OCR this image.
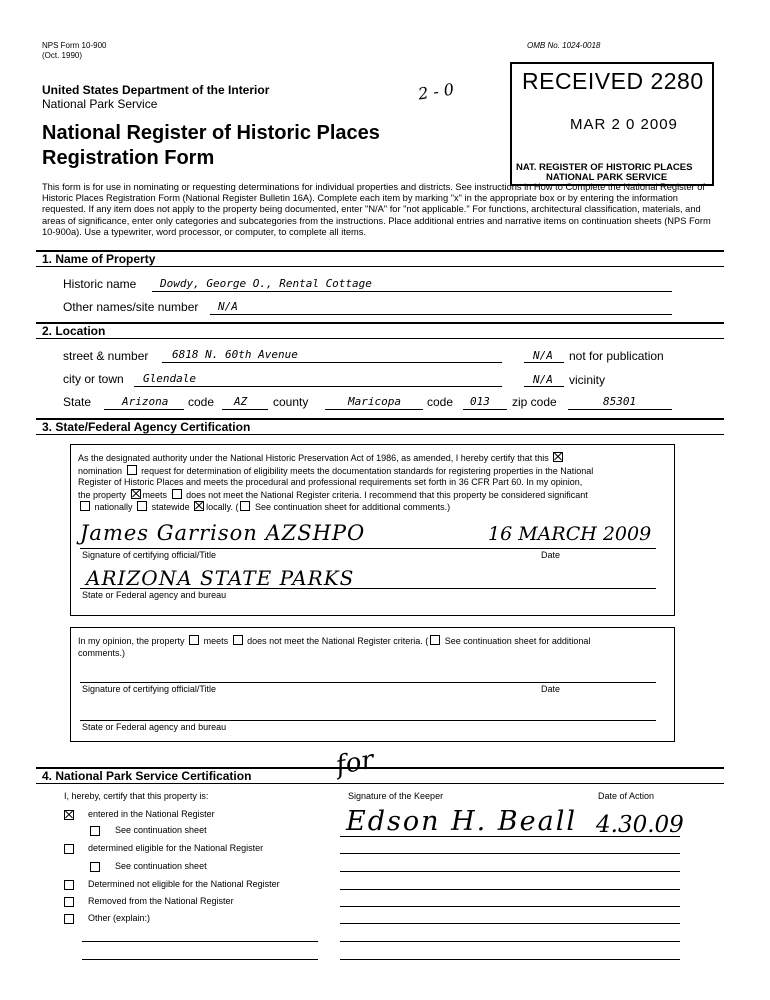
NPS Form 10-900
(Oct. 1990)
OMB No. 1024-0018
2 - 0
United States Department of the Interior
National Park Service
National Register of Historic Places
Registration Form
RECEIVED 2280
MAR 2 0 2009
NAT. REGISTER OF HISTORIC PLACES
NATIONAL PARK SERVICE
This form is for use in nominating or requesting determinations for individual properties and districts. See instructions in How to Complete the National Register of Historic Places Registration Form (National Register Bulletin 16A). Complete each item by marking "x" in the appropriate box or by entering the information requested. If any item does not apply to the property being documented, enter "N/A" for "not applicable." For functions, architectural classification, materials, and areas of significance, enter only categories and subcategories from the instructions. Place additional entries and narrative items on continuation sheets (NPS Form 10-900a). Use a typewriter, word processor, or computer, to complete all items.
1. Name of Property
Historic name Dowdy, George O., Rental Cottage
Other names/site number N/A
2. Location
street & number 6818 N. 60th Avenue	N/A not for publication
city or town Glendale	N/A vicinity
State	Arizona code AZ county	Maricopa code 013 zip code	85301
3. State/Federal Agency Certification
As the designated authority under the National Historic Preservation Act of 1986, as amended, I hereby certify that this
nomination request for determination of eligibility meets the documentation standards for registering properties in the National
Register of Historic Places and meets the procedural and professional requirements set forth in 36 CFR Part 60. In my opinion,
the property meets does not meet the National Register criteria. I recommend that this property be considered significant
nationally statewide locally. ( See continuation sheet for additional comments.)
James Garrison AZSHPO	16 MARCH 2009
Signature of certifying official/Title	Date
ARIZONA STATE PARKS
State or Federal agency and bureau
In my opinion, the property meets does not meet the National Register criteria. ( See continuation sheet for additional
comments.)
Signature of certifying official/Title	Date
State or Federal agency and bureau
4. National Park Service Certification
I, hereby, certify that this property is:
entered in the National Register
See continuation sheet
determined eligible for the National Register
See continuation sheet
Determined not eligible for the National Register
Removed from the National Register
Other (explain:)
for
Signature of the Keeper	Date of Action
Edson H. Beall 4.30.09
